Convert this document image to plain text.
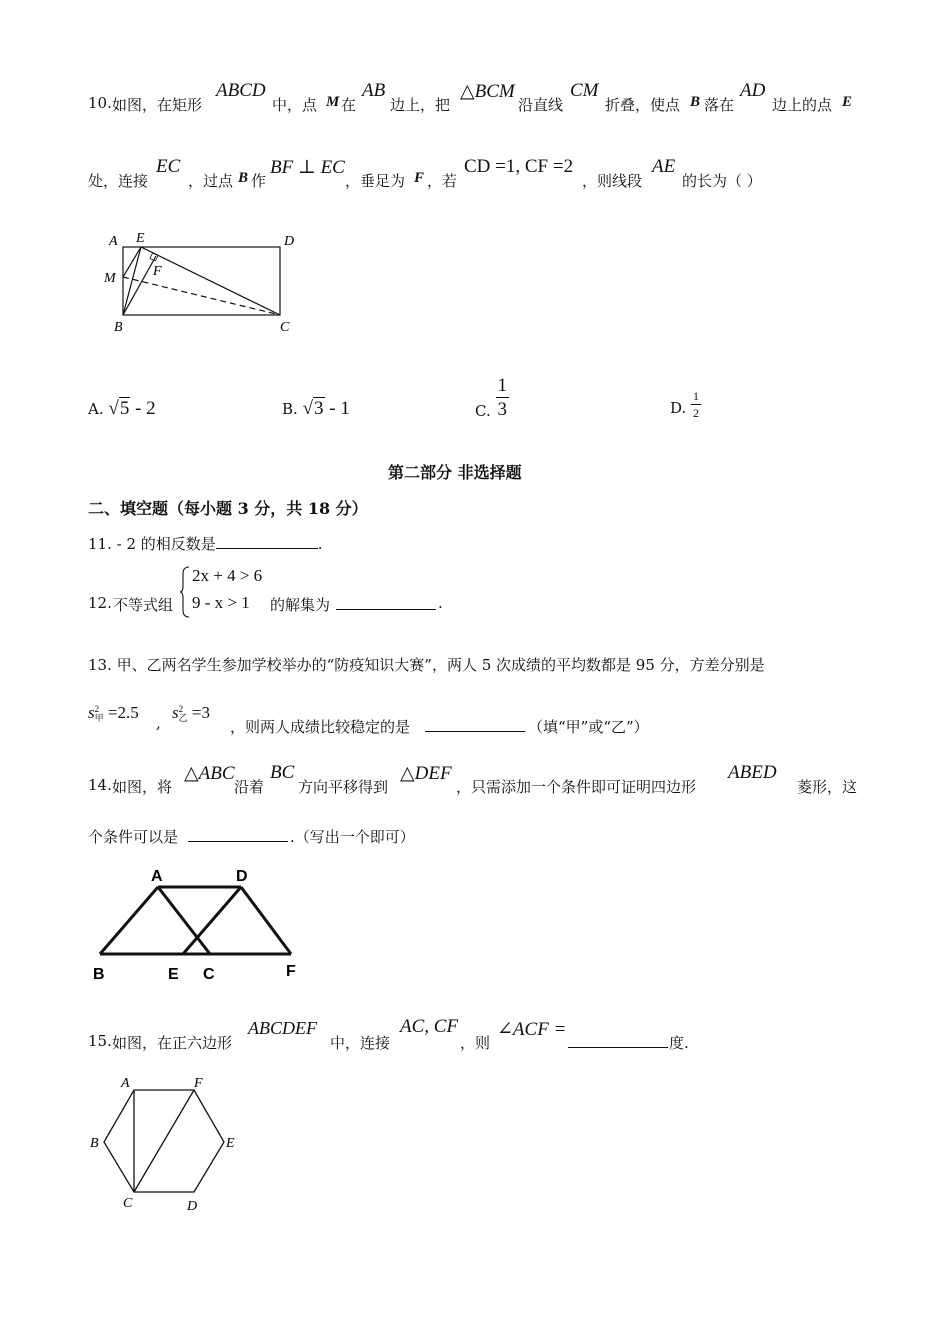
10. 如图，在矩形
ABCD
中，点 M 在
AB
边上，把
△BCM
沿直线
CM
折叠，使点 B 落在
AD
边上的点 E
处，连接
EC
，过点 B 作
BF ⊥ EC
，垂足为 F ，若
CD =1, CF =2
，则线段
AE
的长为（ ）
A E	D
M	F
B	C
A. √5 - 2	B. √3 - 1	C. $\frac{1}{3}$	D. $\frac{1}{2}$
第二部分 非选择题
二、填空题（每小题 3 分，共 18 分）
11. - 2 的相反数是	.
12. 不等式组
2x + 4 > 6
9 - x > 1 的解集为	.
13. 甲、乙两名学生参加学校举办的“防疫知识大赛”，两人 5 次成绩的平均数都是 95 分，方差分别是
s 2
甲 =2.5
,
s 2
乙 =3
，则两人成绩比较稳定的是	（填“甲”或“乙”）
14. 如图，将
△ABC
沿着
BC
方向平移得到
△DEF
，只需添加一个条件即可证明四边形
ABED
菱形，这
个条件可以是	.（写出一个即可）
A	D
B	E C	F
15. 如图，在正六边形
ABCDEF
中，连接
AC, CF
，则
∠ACF =
度.
A	F
B	E
C	D
